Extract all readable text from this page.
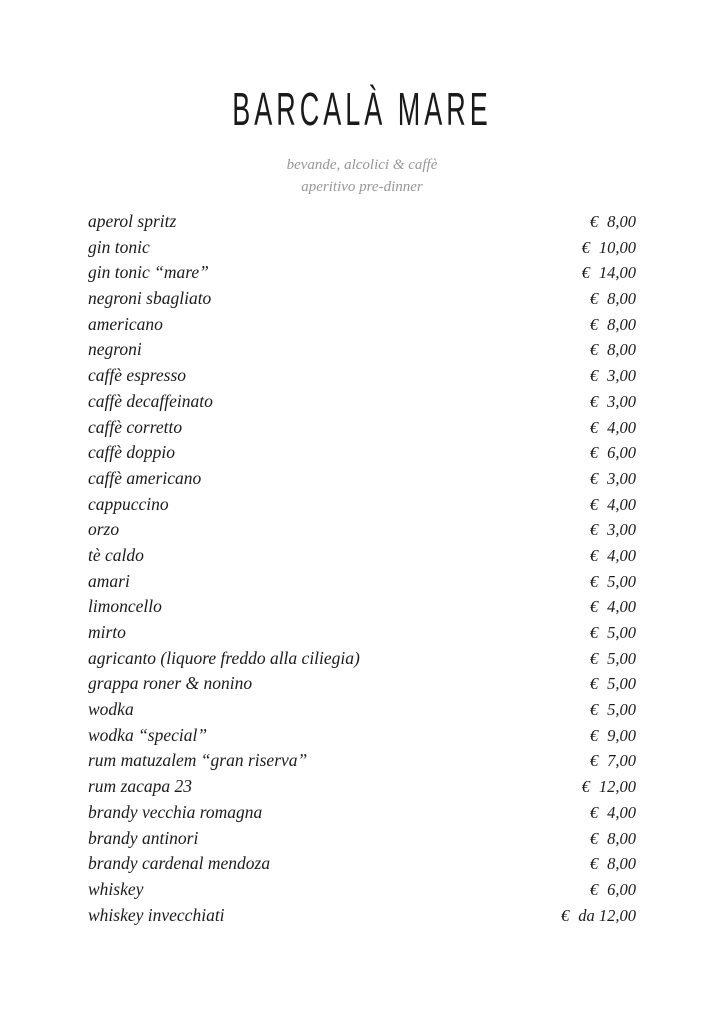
BARCALÀ MARE

bevande, alcolici & caffè

aperitivo pre-dinner

aperol spritz	€ 8,00
gin tonic	€ 10,00
gin tonic “mare”	€ 14,00
negroni sbagliato	€ 8,00
americano	€ 8,00
negroni	€ 8,00
caffè espresso	€ 3,00
caffè decaffeinato	€ 3,00
caffè corretto	€ 4,00
caffè doppio	€ 6,00
caffè americano	€ 3,00
cappuccino	€ 4,00
orzo	€ 3,00
tè caldo	€ 4,00
amari	€ 5,00
limoncello	€ 4,00
mirto	€ 5,00
agricanto (liquore freddo alla ciliegia)	€ 5,00
grappa roner & nonino	€ 5,00
wodka	€ 5,00
wodka “special”	€ 9,00
rum matuzalem “gran riserva”	€ 7,00
rum zacapa 23	€ 12,00
brandy vecchia romagna	€ 4,00
brandy antinori	€ 8,00
brandy cardenal mendoza	€ 8,00
whiskey	€ 6,00
whiskey invecchiati	€ da 12,00
